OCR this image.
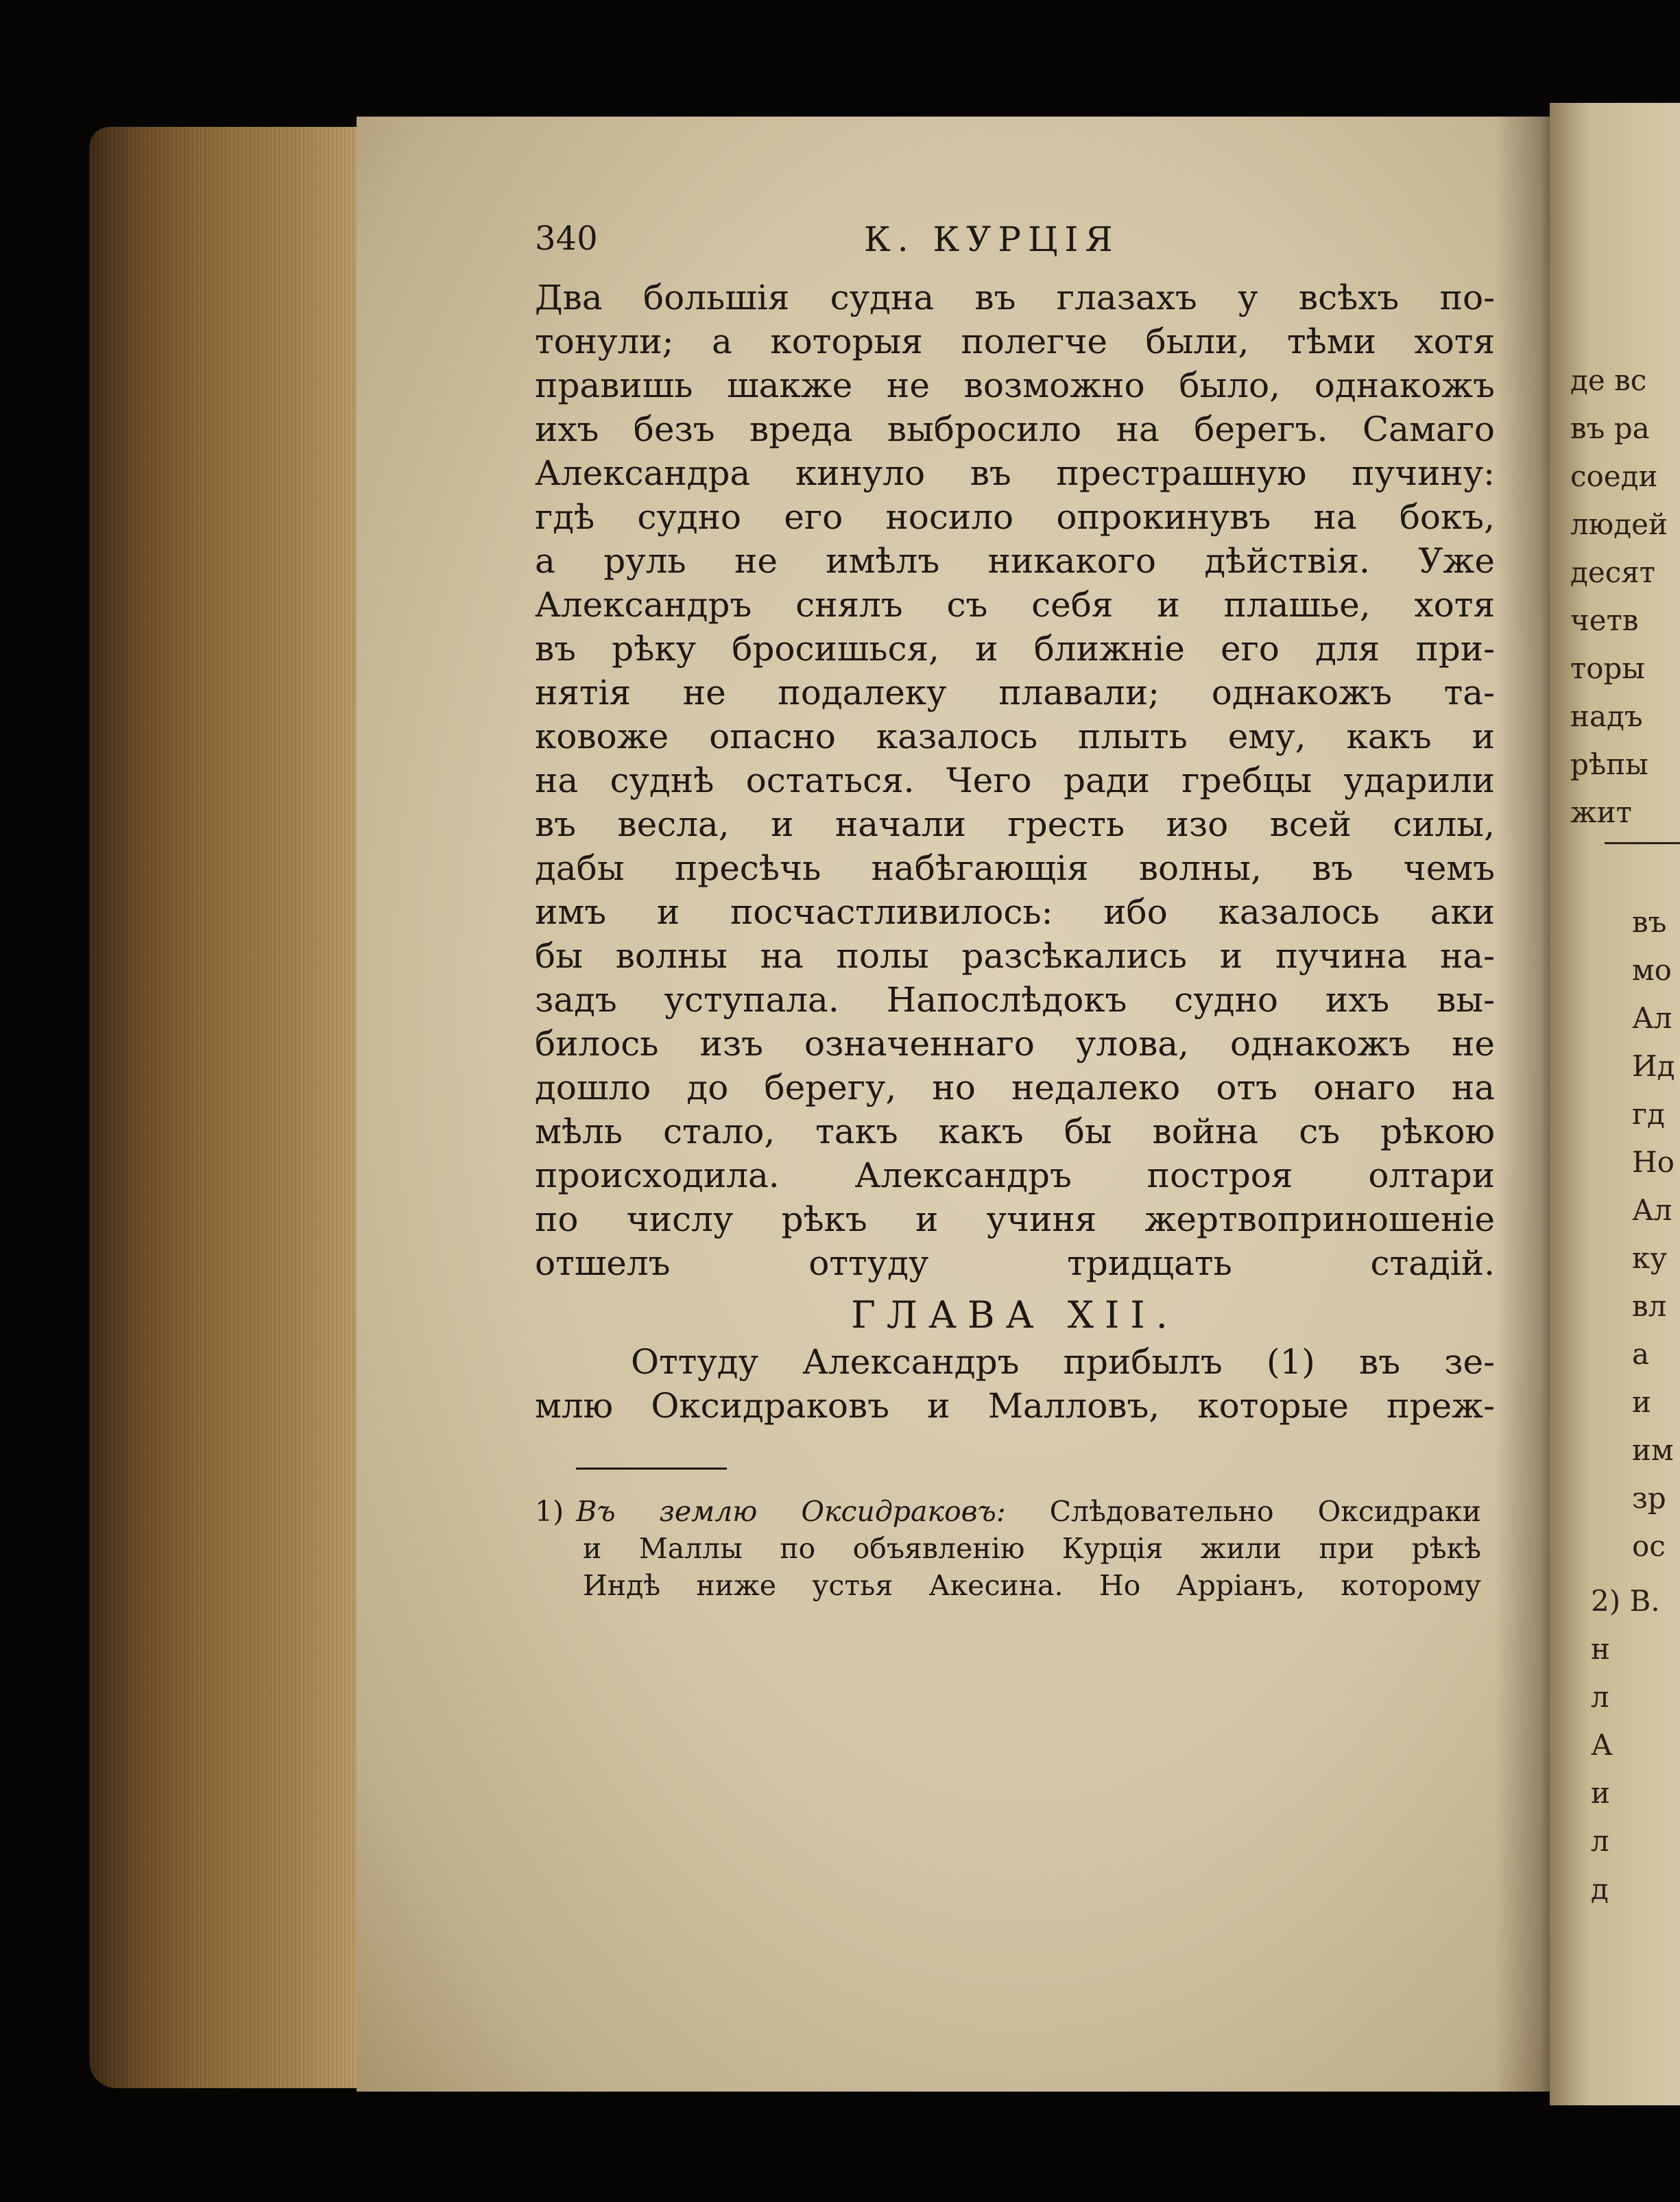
де вс
въ ра
соеди
людей
десят
четв
торы
надъ
рѣпы
жит
въ
мо
Ал
Ид
гд
Но
Ал
ку
вл
а
и
им
зр
ос
2) В.
н
л
А
и
л
д
340	К. КУРЦІЯ
Два большія судна въ глазахъ у всѣхъ по-
тонули; а которыя полегче были, тѣми хотя
правишь шакже не возможно было, однакожъ
ихъ безъ вреда выбросило на берегъ. Самаго
Александра кинуло въ престрашную пучину:
гдѣ судно его носило опрокинувъ на бокъ,
а руль не имѣлъ никакого дѣйствія. Уже
Александръ снялъ съ себя и плашье, хотя
въ рѣку бросишься, и ближніе его для при-
нятія не подалеку плавали; однакожъ та-
ковоже опасно казалось плыть ему, какъ и
на суднѣ остаться. Чего ради гребцы ударили
въ весла, и начали гресть изо всей силы,
дабы пресѣчь набѣгающія волны, въ чемъ
имъ и посчастливилось: ибо казалось аки
бы волны на полы разсѣкались и пучина на-
задъ уступала. Напослѣдокъ судно ихъ вы-
билось изъ означеннаго улова, однакожъ не
дошло до берегу, но недалеко отъ онаго на
мѣль стало, такъ какъ бы война съ рѣкою
происходила. Александръ построя олтари
по числу рѣкъ и учиня жертвоприношеніе
отшелъ оттуду тридцать стадій.
ГЛАВА XII.
Оттуду Александръ прибылъ (1) въ зе-
млю Оксидраковъ и Малловъ, которые преж-
1) Въ землю Оксидраковъ: Слѣдовательно Оксидраки
и Маллы по объявленію Курція жили при рѣкѣ
Индѣ ниже устья Акесина. Но Арріанъ, которому
